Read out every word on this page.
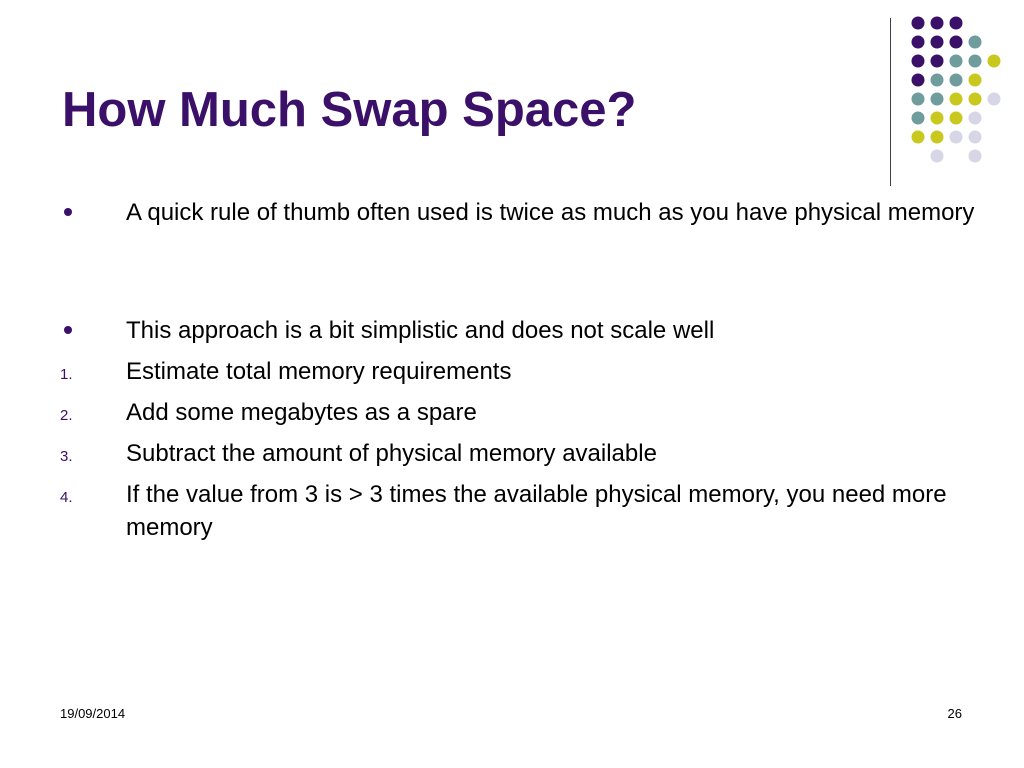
How Much Swap Space?
A quick rule of thumb often used is twice as much as you have physical memory
This approach is a bit simplistic and does not scale well
1.	Estimate total memory requirements
2.	Add some megabytes as a spare
3.	Subtract the amount of physical memory available
4.	If the value from 3 is > 3 times the available physical memory, you need more memory
19/09/2014	26
